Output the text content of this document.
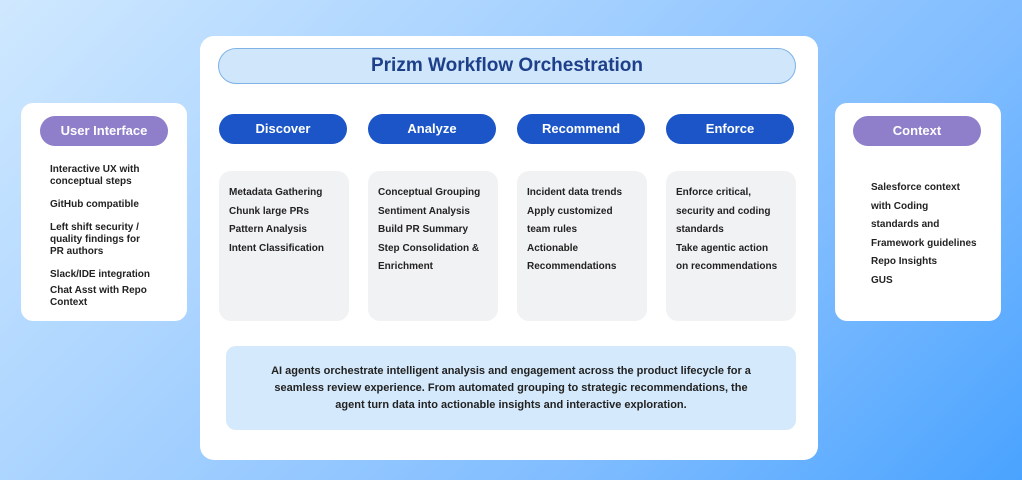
User Interface
Interactive UX with
conceptual steps
GitHub compatible
Left shift security /
quality findings for
PR authors
Slack/IDE integration
Chat Asst with Repo
Context
Prizm Workflow Orchestration
Discover	Analyze	Recommend	Enforce
Metadata Gathering
Chunk large PRs
Pattern Analysis
Intent Classification
Conceptual Grouping
Sentiment Analysis
Build PR Summary
Step Consolidation &
Enrichment
Incident data trends
Apply customized
team rules
Actionable
Recommendations
Enforce critical,
security and coding
standards
Take agentic action
on recommendations

AI agents orchestrate intelligent analysis and engagement across the product lifecycle for a
seamless review experience. From automated grouping to strategic recommendations, the
agent turn data into actionable insights and interactive exploration.

Context
Salesforce context
with Coding
standards and
Framework guidelines
Repo Insights
GUS
